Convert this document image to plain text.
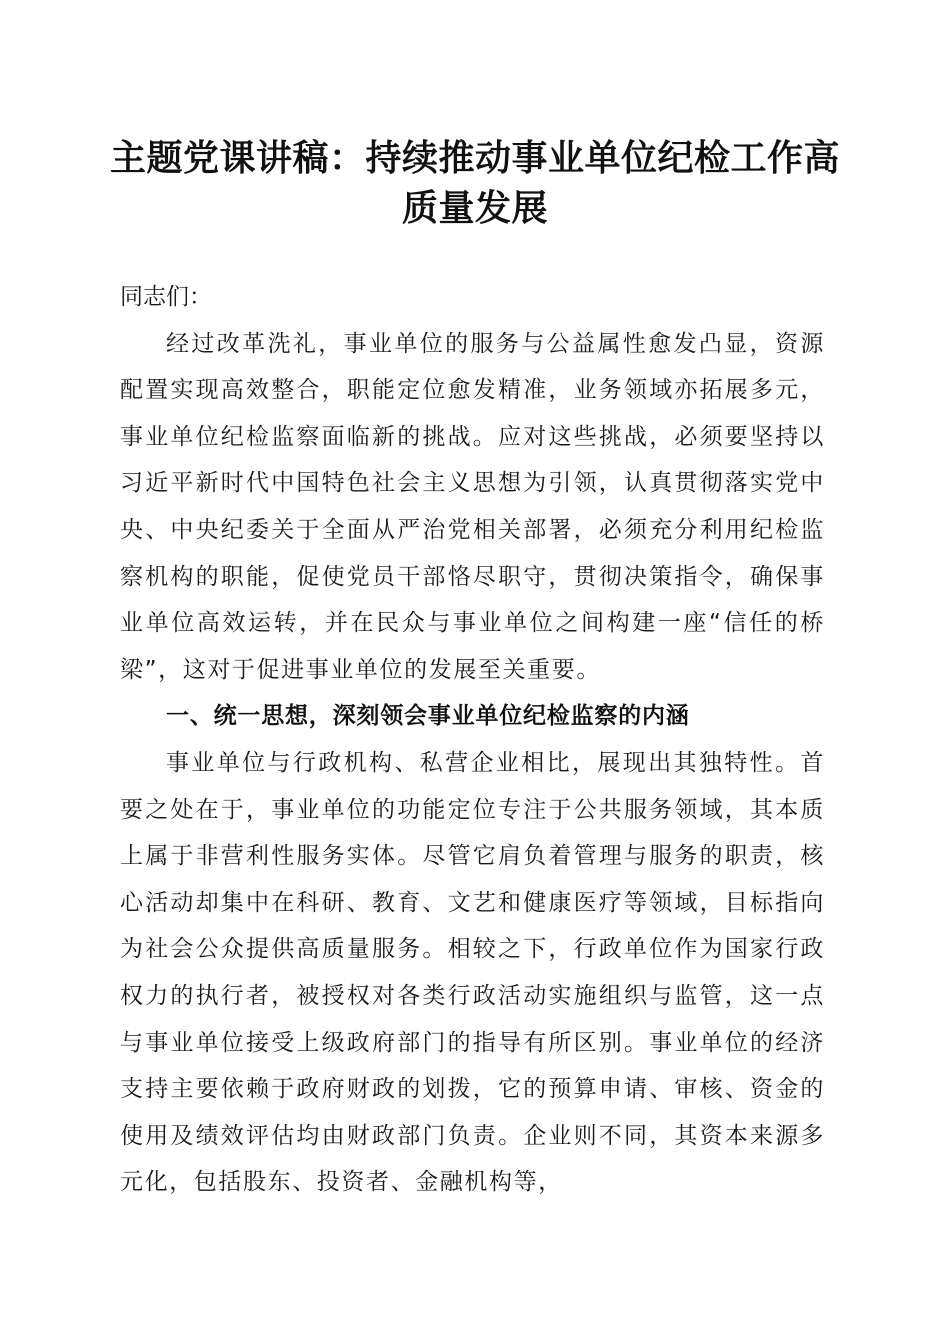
主题党课讲稿：持续推动事业单位纪检工作高质量发展

同志们：

经过改革洗礼，事业单位的服务与公益属性愈发凸显，资源配置实现高效整合，职能定位愈发精准，业务领域亦拓展多元，事业单位纪检监察面临新的挑战。应对这些挑战，必须要坚持以习近平新时代中国特色社会主义思想为引领，认真贯彻落实党中央、中央纪委关于全面从严治党相关部署，必须充分利用纪检监察机构的职能，促使党员干部恪尽职守，贯彻决策指令，确保事业单位高效运转，并在民众与事业单位之间构建一座“信任的桥梁”，这对于促进事业单位的发展至关重要。

一、统一思想，深刻领会事业单位纪检监察的内涵

事业单位与行政机构、私营企业相比，展现出其独特性。首要之处在于，事业单位的功能定位专注于公共服务领域，其本质上属于非营利性服务实体。尽管它肩负着管理与服务的职责，核心活动却集中在科研、教育、文艺和健康医疗等领域，目标指向为社会公众提供高质量服务。相较之下，行政单位作为国家行政权力的执行者，被授权对各类行政活动实施组织与监管，这一点与事业单位接受上级政府部门的指导有所区别。事业单位的经济支持主要依赖于政府财政的划拨，它的预算申请、审核、资金的使用及绩效评估均由财政部门负责。企业则不同，其资本来源多元化，包括股东、投资者、金融机构等，
